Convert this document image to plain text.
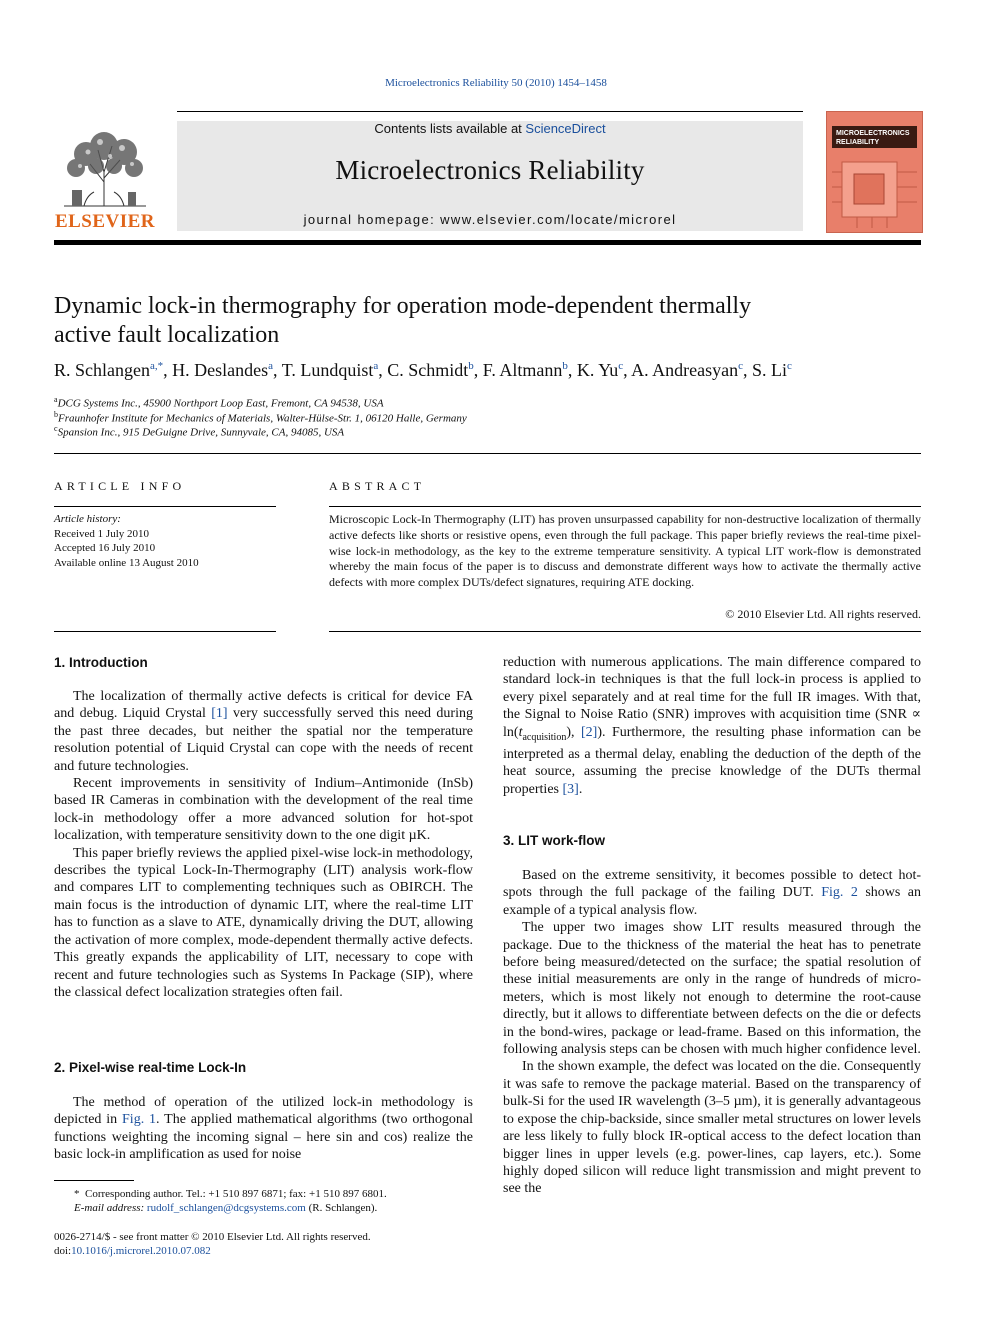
Microelectronics Reliability 50 (2010) 1454–1458
Contents lists available at ScienceDirect
Microelectronics Reliability
journal homepage: www.elsevier.com/locate/microrel
ELSEVIER
MICROELECTRONICS
RELIABILITY
Dynamic lock-in thermography for operation mode-dependent thermally
active fault localization
R. Schlangen$^{a,*}$, H. Deslandes$^a$, T. Lundquist$^a$, C. Schmidt$^b$, F. Altmann$^b$, K. Yu$^c$, A. Andreasyan$^c$, S. Li$^c$
$^a$DCG Systems Inc., 45900 Northport Loop East, Fremont, CA 94538, USA
$^b$Fraunhofer Institute for Mechanics of Materials, Walter-Hülse-Str. 1, 06120 Halle, Germany
$^c$Spansion Inc., 915 DeGuigne Drive, Sunnyvale, CA, 94085, USA
ARTICLE INFO	ABSTRACT
Article history:
Received 1 July 2010
Accepted 16 July 2010
Available online 13 August 2010
Microscopic Lock-In Thermography (LIT) has proven unsurpassed capability for non-destructive localization of thermally active defects like shorts or resistive opens, even through the full package. This paper briefly reviews the real-time pixel-wise lock-in methodology, as the key to the extreme temperature sensitivity. A typical LIT work-flow is demonstrated whereby the main focus of the paper is to discuss and demonstrate different ways how to activate the thermally active defects with more complex DUTs/defect signatures, requiring ATE docking.
© 2010 Elsevier Ltd. All rights reserved.
1. Introduction

The localization of thermally active defects is critical for device FA and debug. Liquid Crystal [1] very successfully served this need during the past three decades, but neither the spatial nor the temperature resolution potential of Liquid Crystal can cope with the needs of recent and future technologies.

Recent improvements in sensitivity of Indium–Antimonide (InSb) based IR Cameras in combination with the development of the real time lock-in methodology offer a more advanced solution for hot-spot localization, with temperature sensitivity down to the one digit µK.

This paper briefly reviews the applied pixel-wise lock-in methodology, describes the typical Lock-In-Thermography (LIT) analysis work-flow and compares LIT to complementing techniques such as OBIRCH. The main focus is the introduction of dynamic LIT, where the real-time LIT has to function as a slave to ATE, dynamically driving the DUT, allowing the activation of more complex, mode-dependent thermally active defects. This greatly expands the applicability of LIT, necessary to cope with recent and future technologies such as Systems In Package (SIP), where the classical defect localization strategies often fail.

2. Pixel-wise real-time Lock-In

The method of operation of the utilized lock-in methodology is depicted in Fig. 1. The applied mathematical algorithms (two orthogonal functions weighting the incoming signal – here sin and cos) realize the basic lock-in amplification as used for noise

reduction with numerous applications. The main difference compared to standard lock-in techniques is that the full lock-in process is applied to every pixel separately and at real time for the full IR images. With that, the Signal to Noise Ratio (SNR) improves with acquisition time ($SNR \propto \ln(t_{acquisition})$, [2]). Furthermore, the resulting phase information can be interpreted as a thermal delay, enabling the deduction of the depth of the heat source, assuming the precise knowledge of the DUTs thermal properties [3].

3. LIT work-flow

Based on the extreme sensitivity, it becomes possible to detect hot-spots through the full package of the failing DUT. Fig. 2 shows an example of a typical analysis flow.

The upper two images show LIT results measured through the package. Due to the thickness of the material the heat has to penetrate before being measured/detected on the surface; the spatial resolution of these initial measurements are only in the range of hundreds of micro-meters, which is most likely not enough to determine the root-cause directly, but it allows to differentiate between defects on the die or defects in the bond-wires, package or lead-frame. Based on this information, the following analysis steps can be chosen with much higher confidence level.

In the shown example, the defect was located on the die. Consequently it was safe to remove the package material. Based on the transparency of bulk-Si for the used IR wavelength (3–5 µm), it is generally advantageous to expose the chip-backside, since smaller metal structures on lower levels are less likely to fully block IR-optical access to the defect location than bigger lines in upper levels (e.g. power-lines, cap layers, etc.). Some highly doped silicon will reduce light transmission and might prevent to see the

* Corresponding author. Tel.: +1 510 897 6871; fax: +1 510 897 6801.
E-mail address: rudolf_schlangen@dcgsystems.com (R. Schlangen).
0026-2714/$ - see front matter © 2010 Elsevier Ltd. All rights reserved.
doi:10.1016/j.microrel.2010.07.082
